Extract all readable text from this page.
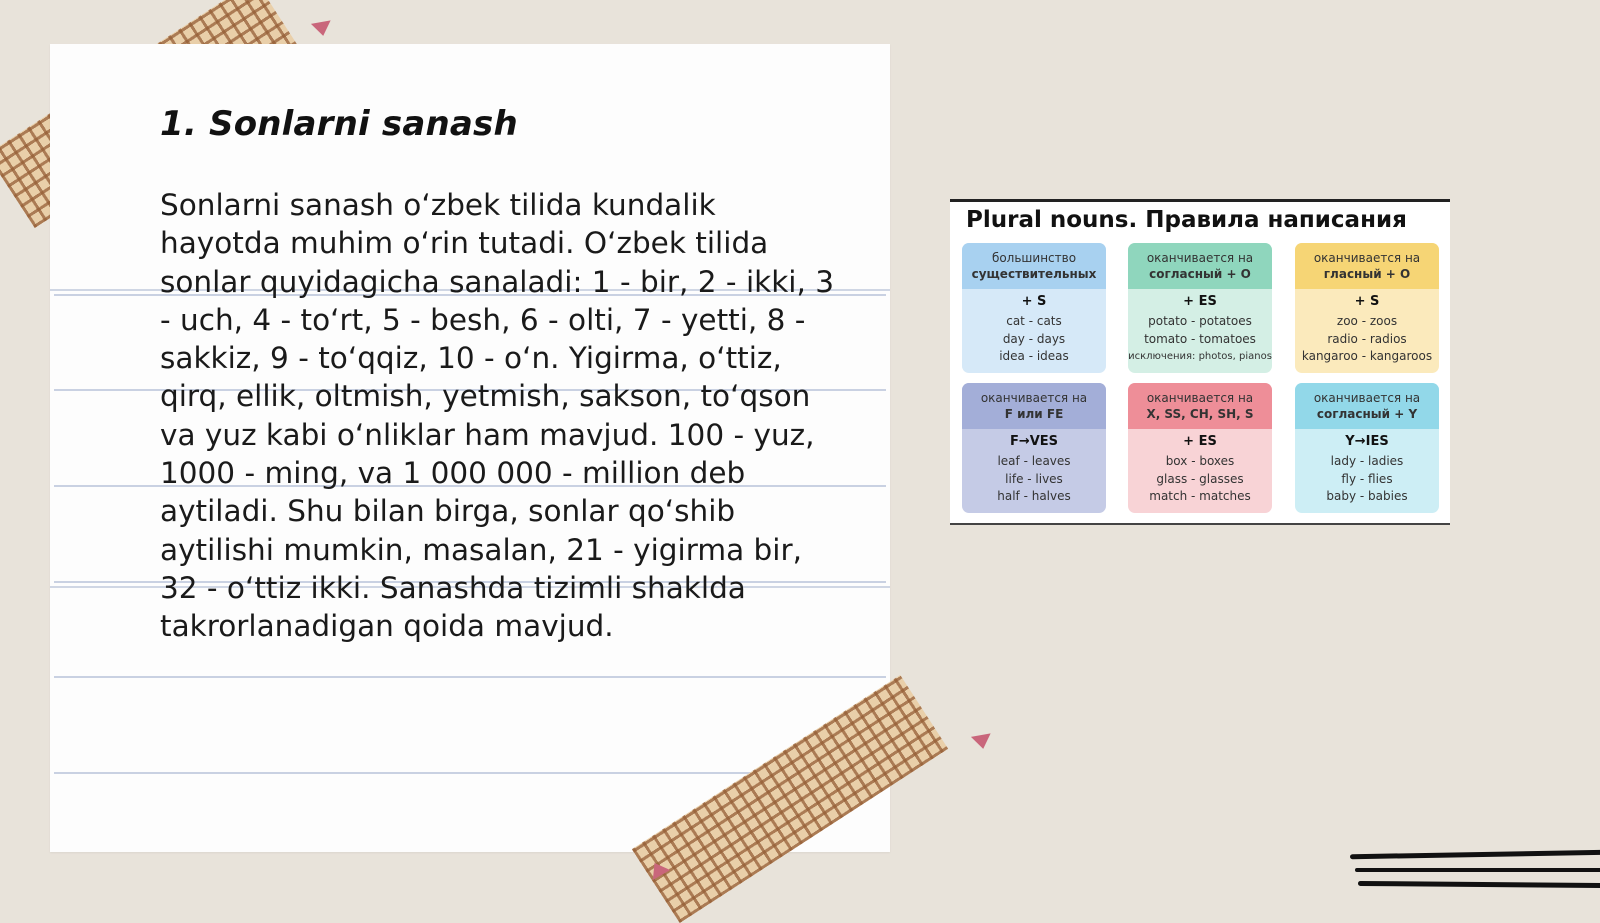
1. Sonlarni sanash

Sonlarni sanash o‘zbek tilida kundalik hayotda muhim o‘rin tutadi. O‘zbek tilida sonlar quyidagicha sanaladi: 1 - bir, 2 - ikki, 3 - uch, 4 - to‘rt, 5 - besh, 6 - olti, 7 - yetti, 8 - sakkiz, 9 - to‘qqiz, 10 - o‘n. Yigirma, o‘ttiz, qirq, ellik, oltmish, yetmish, sakson, to‘qson va yuz kabi o‘nliklar ham mavjud. 100 - yuz, 1000 - ming, va 1 000 000 - million deb aytiladi. Shu bilan birga, sonlar qo‘shib aytilishi mumkin, masalan, 21 - yigirma bir, 32 - o‘ttiz ikki. Sanashda tizimli shaklda takrorlanadigan qoida mavjud.

Plural nouns. Правила написания
большинство
существительных
+ S
cat - cats
day - days
idea - ideas
оканчивается на
согласный + O
+ ES
potato - potatoes
tomato - tomatoes
исключения: photos, pianos
оканчивается на
гласный + O
+ S
zoo - zoos
radio - radios
kangaroo - kangaroos
оканчивается на
F или FE
F→VES
leaf - leaves
life - lives
half - halves
оканчивается на
X, SS, CH, SH, S
+ ES
box - boxes
glass - glasses
match - matches
оканчивается на
согласный + Y
Y→IES
lady - ladies
fly - flies
baby - babies
